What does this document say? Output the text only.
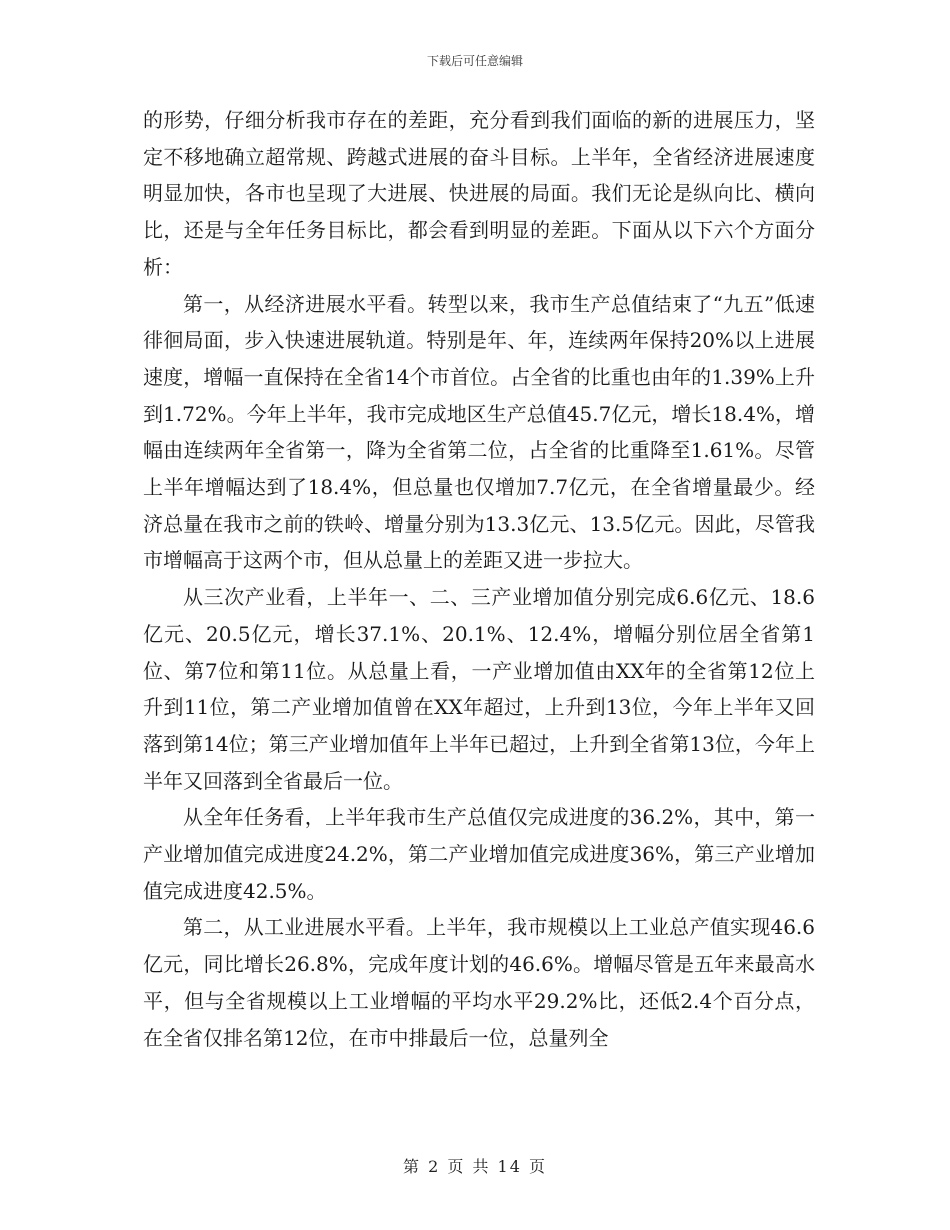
下载后可任意编辑

的形势，仔细分析我市存在的差距，充分看到我们面临的新的进展压力，坚定不移地确立超常规、跨越式进展的奋斗目标。上半年，全省经济进展速度明显加快，各市也呈现了大进展、快进展的局面。我们无论是纵向比、横向比，还是与全年任务目标比，都会看到明显的差距。下面从以下六个方面分析：

第一，从经济进展水平看。转型以来，我市生产总值结束了“九五”低速徘徊局面，步入快速进展轨道。特别是年、年，连续两年保持20%以上进展速度，增幅一直保持在全省14个市首位。占全省的比重也由年的1.39%上升到1.72%。今年上半年，我市完成地区生产总值45.7亿元，增长18.4%，增幅由连续两年全省第一，降为全省第二位，占全省的比重降至1.61%。尽管上半年增幅达到了18.4%，但总量也仅增加7.7亿元，在全省增量最少。经济总量在我市之前的铁岭、增量分别为13.3亿元、13.5亿元。因此，尽管我市增幅高于这两个市，但从总量上的差距又进一步拉大。

从三次产业看，上半年一、二、三产业增加值分别完成6.6亿元、18.6亿元、20.5亿元，增长37.1%、20.1%、12.4%，增幅分别位居全省第1位、第7位和第11位。从总量上看，一产业增加值由XX年的全省第12位上升到11位，第二产业增加值曾在XX年超过，上升到13位，今年上半年又回落到第14位；第三产业增加值年上半年已超过，上升到全省第13位，今年上半年又回落到全省最后一位。

从全年任务看，上半年我市生产总值仅完成进度的36.2%，其中，第一产业增加值完成进度24.2%，第二产业增加值完成进度36%，第三产业增加值完成进度42.5%。

第二，从工业进展水平看。上半年，我市规模以上工业总产值实现46.6亿元，同比增长26.8%，完成年度计划的46.6%。增幅尽管是五年来最高水平，但与全省规模以上工业增幅的平均水平29.2%比，还低2.4个百分点，在全省仅排名第12位，在市中排最后一位，总量列全

第 2 页 共 14 页
